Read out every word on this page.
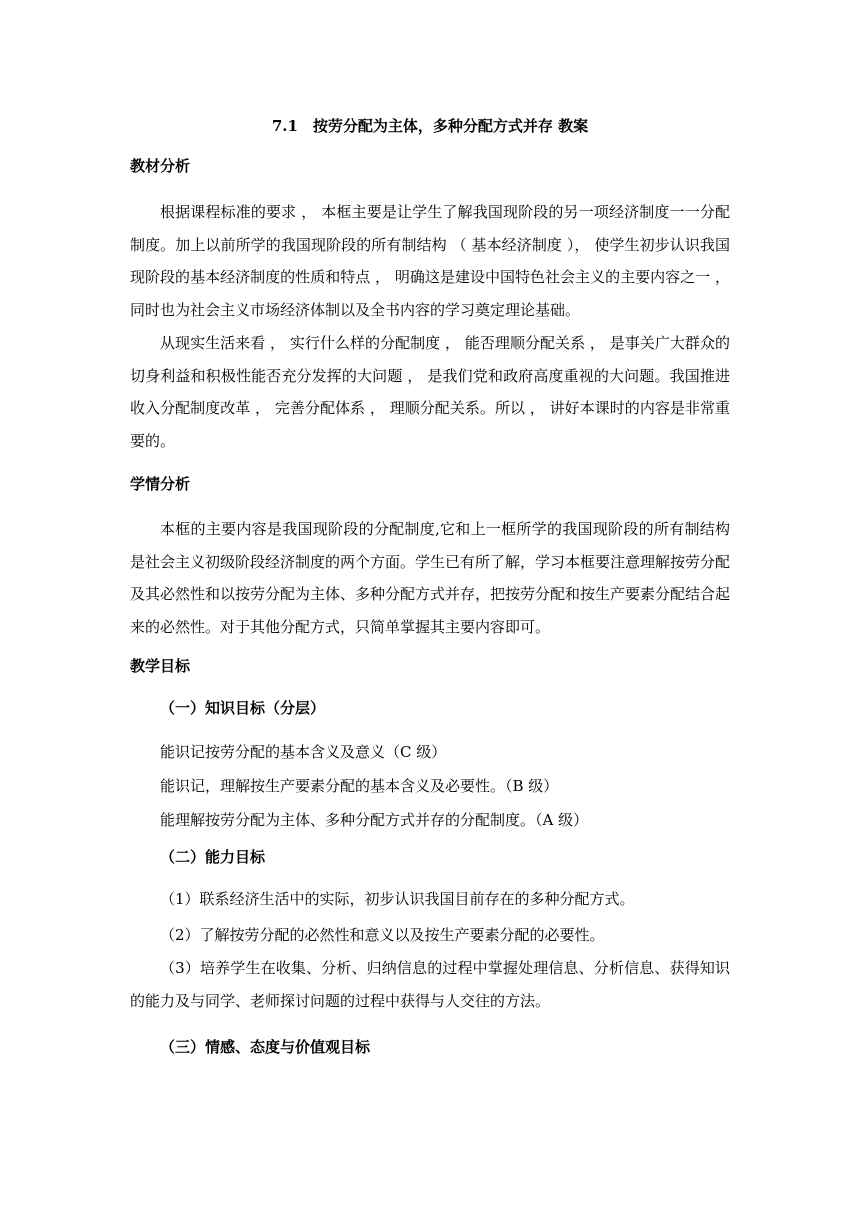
7.1　按劳分配为主体，多种分配方式并存 教案
教材分析
根据课程标准的要求 ， 本框主要是让学生了解我国现阶段的另一项经济制度一一分配制度。加上以前所学的我国现阶段的所有制结构 （ 基本经济制度 ）， 使学生初步认识我国现阶段的基本经济制度的性质和特点 ， 明确这是建设中国特色社会主义的主要内容之一 ，同时也为社会主义市场经济体制以及全书内容的学习奠定理论基础。
从现实生活来看 ， 实行什么样的分配制度 ， 能否理顺分配关系 ， 是事关广大群众的切身利益和积极性能否充分发挥的大问题 ， 是我们党和政府高度重视的大问题。我国推进收入分配制度改革 ， 完善分配体系 ， 理顺分配关系。所以 ， 讲好本课时的内容是非常重要的。
学情分析
本框的主要内容是我国现阶段的分配制度,它和上一框所学的我国现阶段的所有制结构是社会主义初级阶段经济制度的两个方面。学生已有所了解，学习本框要注意理解按劳分配及其必然性和以按劳分配为主体、多种分配方式并存，把按劳分配和按生产要素分配结合起来的必然性。对于其他分配方式，只简单掌握其主要内容即可。
教学目标
（一）知识目标（分层）
能识记按劳分配的基本含义及意义（C 级）
能识记，理解按生产要素分配的基本含义及必要性。（B 级）
能理解按劳分配为主体、多种分配方式并存的分配制度。（A 级）
（二）能力目标
（1）联系经济生活中的实际，初步认识我国目前存在的多种分配方式。
（2）了解按劳分配的必然性和意义以及按生产要素分配的必要性。
（3）培养学生在收集、分析、归纳信息的过程中掌握处理信息、分析信息、获得知识的能力及与同学、老师探讨问题的过程中获得与人交往的方法。
（三）情感、态度与价值观目标
